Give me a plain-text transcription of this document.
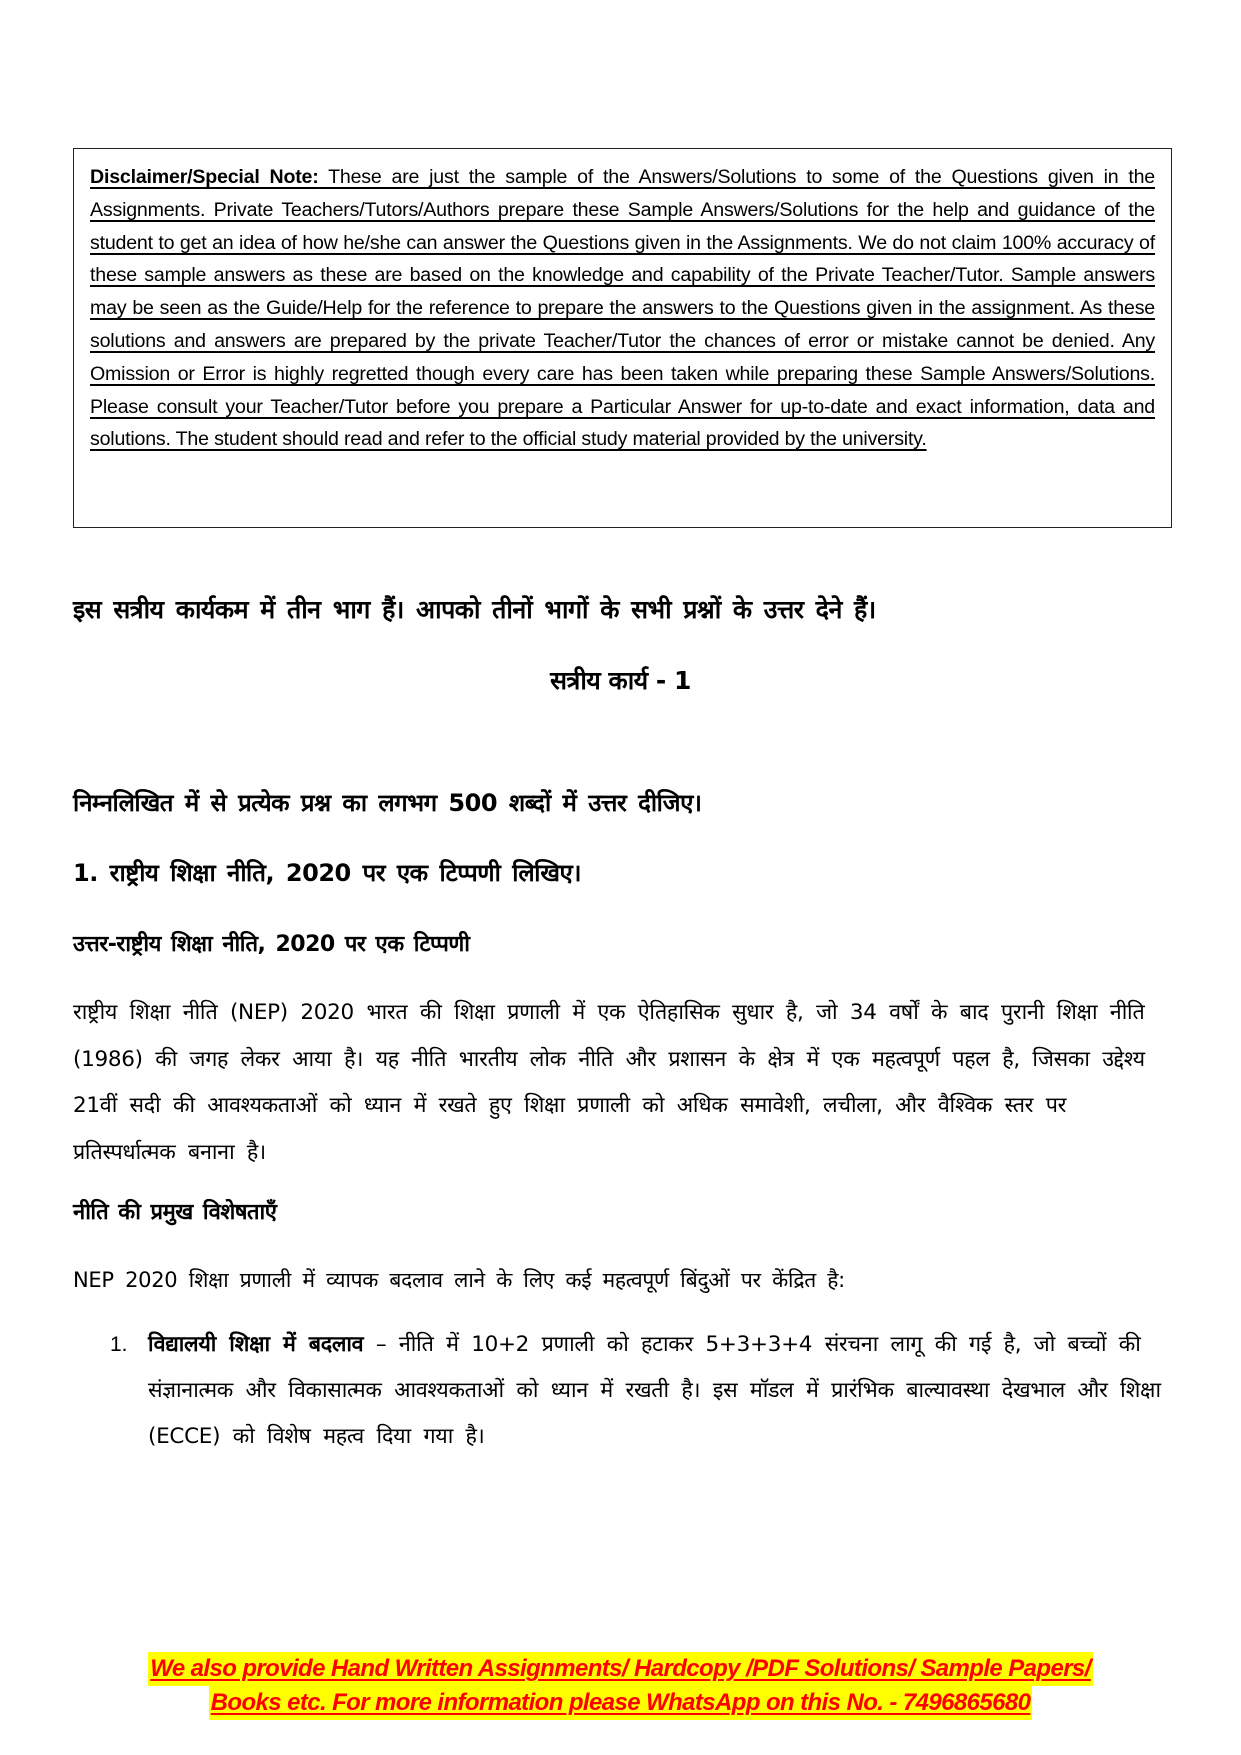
Disclaimer/Special Note: These are just the sample of the Answers/Solutions to some of the Questions given in the Assignments. Private Teachers/Tutors/Authors prepare these Sample Answers/Solutions for the help and guidance of the student to get an idea of how he/she can answer the Questions given in the Assignments. We do not claim 100% accuracy of these sample answers as these are based on the knowledge and capability of the Private Teacher/Tutor. Sample answers may be seen as the Guide/Help for the reference to prepare the answers to the Questions given in the assignment. As these solutions and answers are prepared by the private Teacher/Tutor the chances of error or mistake cannot be denied. Any Omission or Error is highly regretted though every care has been taken while preparing these Sample Answers/Solutions. Please consult your Teacher/Tutor before you prepare a Particular Answer for up-to-date and exact information, data and solutions. The student should read and refer to the official study material provided by the university.

इस सत्रीय कार्यकम में तीन भाग हैं। आपको तीनों भागों के सभी प्रश्नों के उत्तर देने हैं।

सत्रीय कार्य - 1

निम्नलिखित में से प्रत्येक प्रश्न का लगभग 500 शब्दों में उत्तर दीजिए।

1. राष्ट्रीय शिक्षा नीति, 2020 पर एक टिप्पणी लिखिए।

उत्तर-राष्ट्रीय शिक्षा नीति, 2020 पर एक टिप्पणी

राष्ट्रीय शिक्षा नीति (NEP) 2020 भारत की शिक्षा प्रणाली में एक ऐतिहासिक सुधार है, जो 34 वर्षों के बाद पुरानी शिक्षा नीति (1986) की जगह लेकर आया है। यह नीति भारतीय लोक नीति और प्रशासन के क्षेत्र में एक महत्वपूर्ण पहल है, जिसका उद्देश्य 21वीं सदी की आवश्यकताओं को ध्यान में रखते हुए शिक्षा प्रणाली को अधिक समावेशी, लचीला, और वैश्विक स्तर पर प्रतिस्पर्धात्मक बनाना है।

नीति की प्रमुख विशेषताएँ

NEP 2020 शिक्षा प्रणाली में व्यापक बदलाव लाने के लिए कई महत्वपूर्ण बिंदुओं पर केंद्रित है:

1. विद्यालयी शिक्षा में बदलाव – नीति में 10+2 प्रणाली को हटाकर 5+3+3+4 संरचना लागू की गई है, जो बच्चों की संज्ञानात्मक और विकासात्मक आवश्यकताओं को ध्यान में रखती है। इस मॉडल में प्रारंभिक बाल्यावस्था देखभाल और शिक्षा (ECCE) को विशेष महत्व दिया गया है।
We also provide Hand Written Assignments/ Hardcopy /PDF Solutions/ Sample Papers/
Books etc. For more information please WhatsApp on this No. - 7496865680
